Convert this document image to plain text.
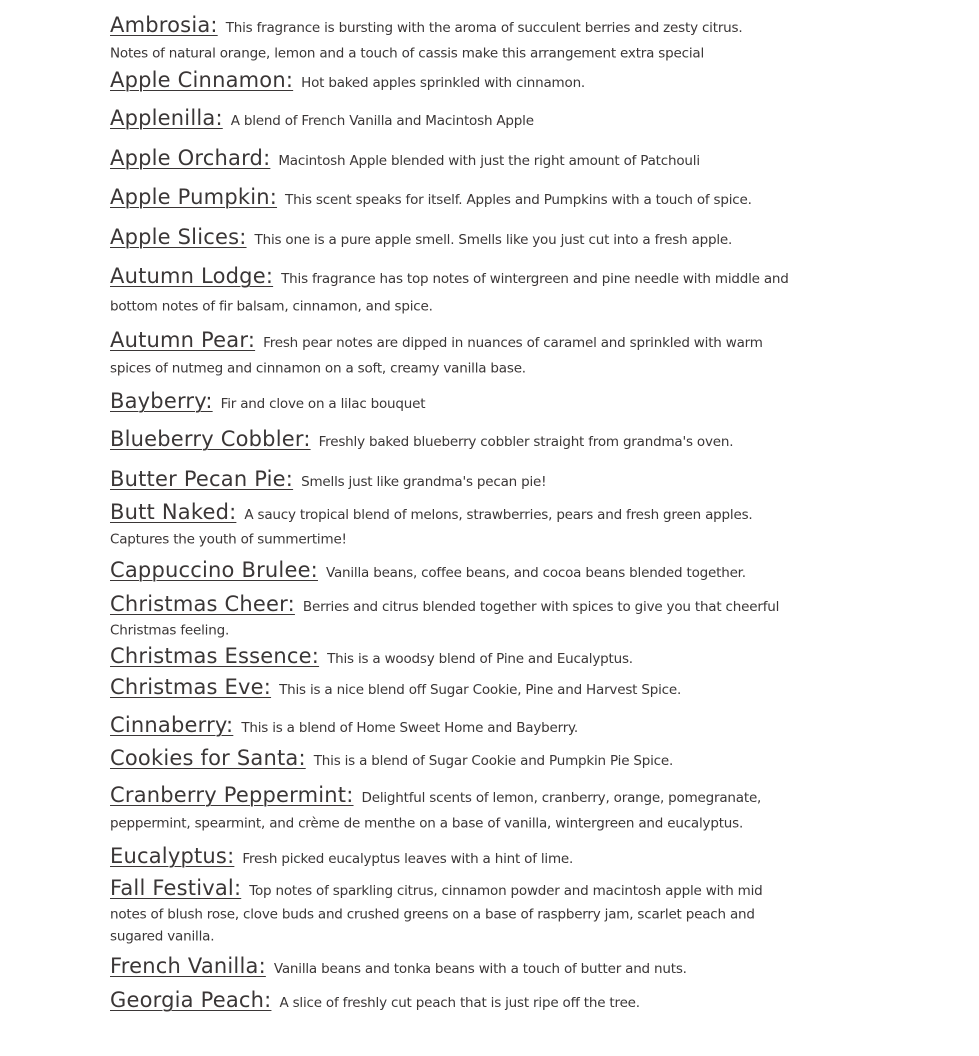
Ambrosia: This fragrance is bursting with the aroma of succulent berries and zesty citrus.
Notes of natural orange, lemon and a touch of cassis make this arrangement extra special
Apple Cinnamon: Hot baked apples sprinkled with cinnamon.
Applenilla: A blend of French Vanilla and Macintosh Apple
Apple Orchard: Macintosh Apple blended with just the right amount of Patchouli
Apple Pumpkin: This scent speaks for itself. Apples and Pumpkins with a touch of spice.
Apple Slices: This one is a pure apple smell. Smells like you just cut into a fresh apple.
Autumn Lodge: This fragrance has top notes of wintergreen and pine needle with middle and
bottom notes of fir balsam, cinnamon, and spice.
Autumn Pear: Fresh pear notes are dipped in nuances of caramel and sprinkled with warm
spices of nutmeg and cinnamon on a soft, creamy vanilla base.
Bayberry: Fir and clove on a lilac bouquet
Blueberry Cobbler: Freshly baked blueberry cobbler straight from grandma's oven.
Butter Pecan Pie: Smells just like grandma's pecan pie!
Butt Naked: A saucy tropical blend of melons, strawberries, pears and fresh green apples.
Captures the youth of summertime!
Cappuccino Brulee: Vanilla beans, coffee beans, and cocoa beans blended together.
Christmas Cheer: Berries and citrus blended together with spices to give you that cheerful
Christmas feeling.
Christmas Essence: This is a woodsy blend of Pine and Eucalyptus.
Christmas Eve: This is a nice blend off Sugar Cookie, Pine and Harvest Spice.
Cinnaberry: This is a blend of Home Sweet Home and Bayberry.
Cookies for Santa: This is a blend of Sugar Cookie and Pumpkin Pie Spice.
Cranberry Peppermint: Delightful scents of lemon, cranberry, orange, pomegranate,
peppermint, spearmint, and crème de menthe on a base of vanilla, wintergreen and eucalyptus.
Eucalyptus: Fresh picked eucalyptus leaves with a hint of lime.
Fall Festival: Top notes of sparkling citrus, cinnamon powder and macintosh apple with mid
notes of blush rose, clove buds and crushed greens on a base of raspberry jam, scarlet peach and
sugared vanilla.
French Vanilla: Vanilla beans and tonka beans with a touch of butter and nuts.
Georgia Peach: A slice of freshly cut peach that is just ripe off the tree.
